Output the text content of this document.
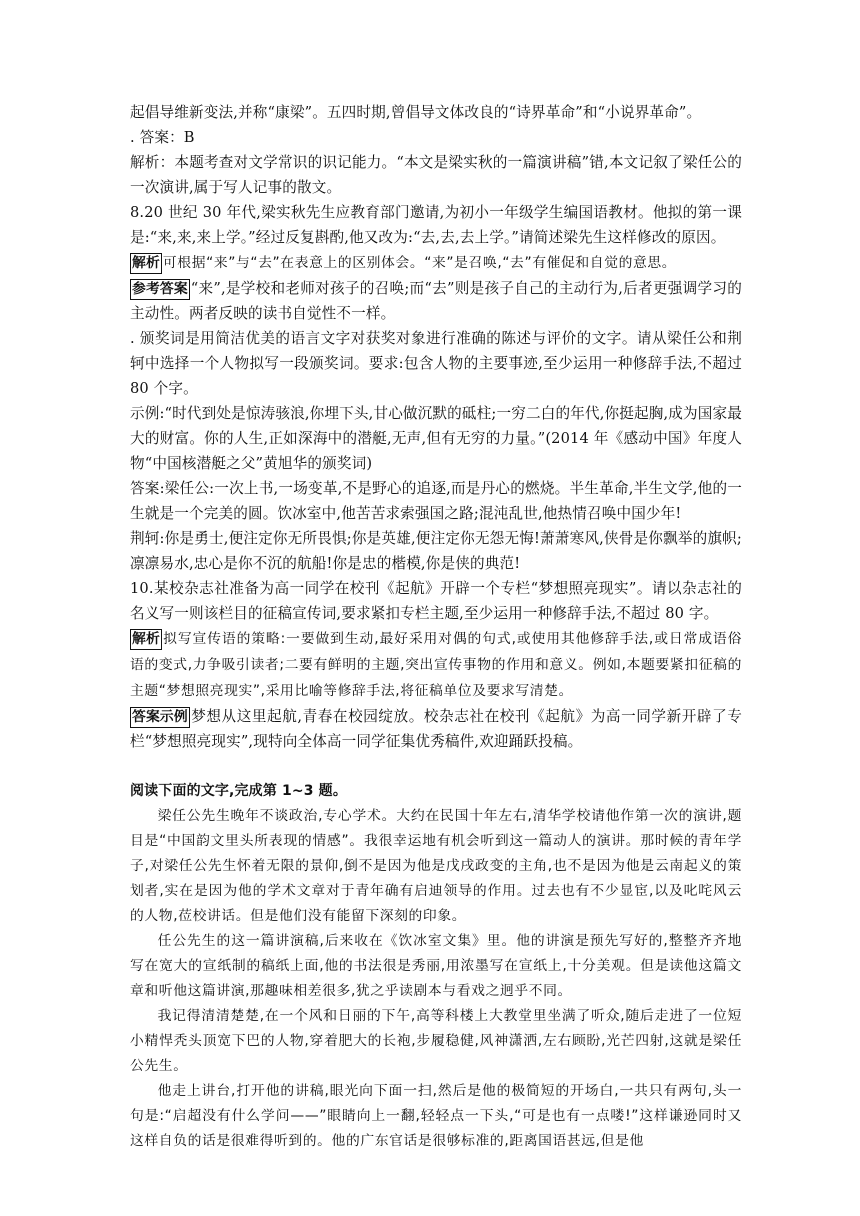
起倡导维新变法,并称“康梁”。五四时期,曾倡导文体改良的“诗界革命”和“小说界革命”。

. 答案：B

解析：本题考查对文学常识的识记能力。“本文是梁实秋的一篇演讲稿”错,本文记叙了梁任公的一次演讲,属于写人记事的散文。

8.20 世纪 30 年代,梁实秋先生应教育部门邀请,为初小一年级学生编国语教材。他拟的第一课是:“来,来,来上学。”经过反复斟酌,他又改为:“去,去,去上学。”请简述梁先生这样修改的原因。

解析 可根据“来”与“去”在表意上的区别体会。“来”是召唤,“去”有催促和自觉的意思。

参考答案 “来”,是学校和老师对孩子的召唤;而“去”则是孩子自己的主动行为,后者更强调学习的主动性。两者反映的读书自觉性不一样。

. 颁奖词是用简洁优美的语言文字对获奖对象进行准确的陈述与评价的文字。请从梁任公和荆轲中选择一个人物拟写一段颁奖词。要求:包含人物的主要事迹,至少运用一种修辞手法,不超过 80 个字。

示例:“时代到处是惊涛骇浪,你埋下头,甘心做沉默的砥柱;一穷二白的年代,你挺起胸,成为国家最大的财富。你的人生,正如深海中的潜艇,无声,但有无穷的力量。”(2014 年《感动中国》年度人物“中国核潜艇之父”黄旭华的颁奖词)

答案:梁任公:一次上书,一场变革,不是野心的追逐,而是丹心的燃烧。半生革命,半生文学,他的一生就是一个完美的圆。饮冰室中,他苦苦求索强国之路;混沌乱世,他热情召唤中国少年!

荆轲:你是勇士,便注定你无所畏惧;你是英雄,便注定你无怨无悔!萧萧寒风,侠骨是你飘举的旗帜;凛凛易水,忠心是你不沉的航船!你是忠的楷模,你是侠的典范!

10.某校杂志社准备为高一同学在校刊《起航》开辟一个专栏“梦想照亮现实”。请以杂志社的名义写一则该栏目的征稿宣传词,要求紧扣专栏主题,至少运用一种修辞手法,不超过 80 字。

解析 拟写宣传语的策略:一要做到生动,最好采用对偶的句式,或使用其他修辞手法,或日常成语俗语的变式,力争吸引读者;二要有鲜明的主题,突出宣传事物的作用和意义。例如,本题要紧扣征稿的主题“梦想照亮现实”,采用比喻等修辞手法,将征稿单位及要求写清楚。

答案示例 梦想从这里起航,青春在校园绽放。校杂志社在校刊《起航》为高一同学新开辟了专栏“梦想照亮现实”,现特向全体高一同学征集优秀稿件,欢迎踊跃投稿。

阅读下面的文字,完成第 1~3 题。

梁任公先生晚年不谈政治,专心学术。大约在民国十年左右,清华学校请他作第一次的演讲,题目是“中国韵文里头所表现的情感”。我很幸运地有机会听到这一篇动人的演讲。那时候的青年学子,对梁任公先生怀着无限的景仰,倒不是因为他是戊戌政变的主角,也不是因为他是云南起义的策划者,实在是因为他的学术文章对于青年确有启迪领导的作用。过去也有不少显宦,以及叱咤风云的人物,莅校讲话。但是他们没有能留下深刻的印象。

任公先生的这一篇讲演稿,后来收在《饮冰室文集》里。他的讲演是预先写好的,整整齐齐地写在宽大的宣纸制的稿纸上面,他的书法很是秀丽,用浓墨写在宣纸上,十分美观。但是读他这篇文章和听他这篇讲演,那趣味相差很多,犹之乎读剧本与看戏之迥乎不同。

我记得清清楚楚,在一个风和日丽的下午,高等科楼上大教堂里坐满了听众,随后走进了一位短小精悍秃头顶宽下巴的人物,穿着肥大的长袍,步履稳健,风神潇洒,左右顾盼,光芒四射,这就是梁任公先生。

他走上讲台,打开他的讲稿,眼光向下面一扫,然后是他的极简短的开场白,一共只有两句,头一句是:“启超没有什么学问——”眼睛向上一翻,轻轻点一下头,“可是也有一点喽!”这样谦逊同时又这样自负的话是很难得听到的。他的广东官话是很够标准的,距离国语甚远,但是他
